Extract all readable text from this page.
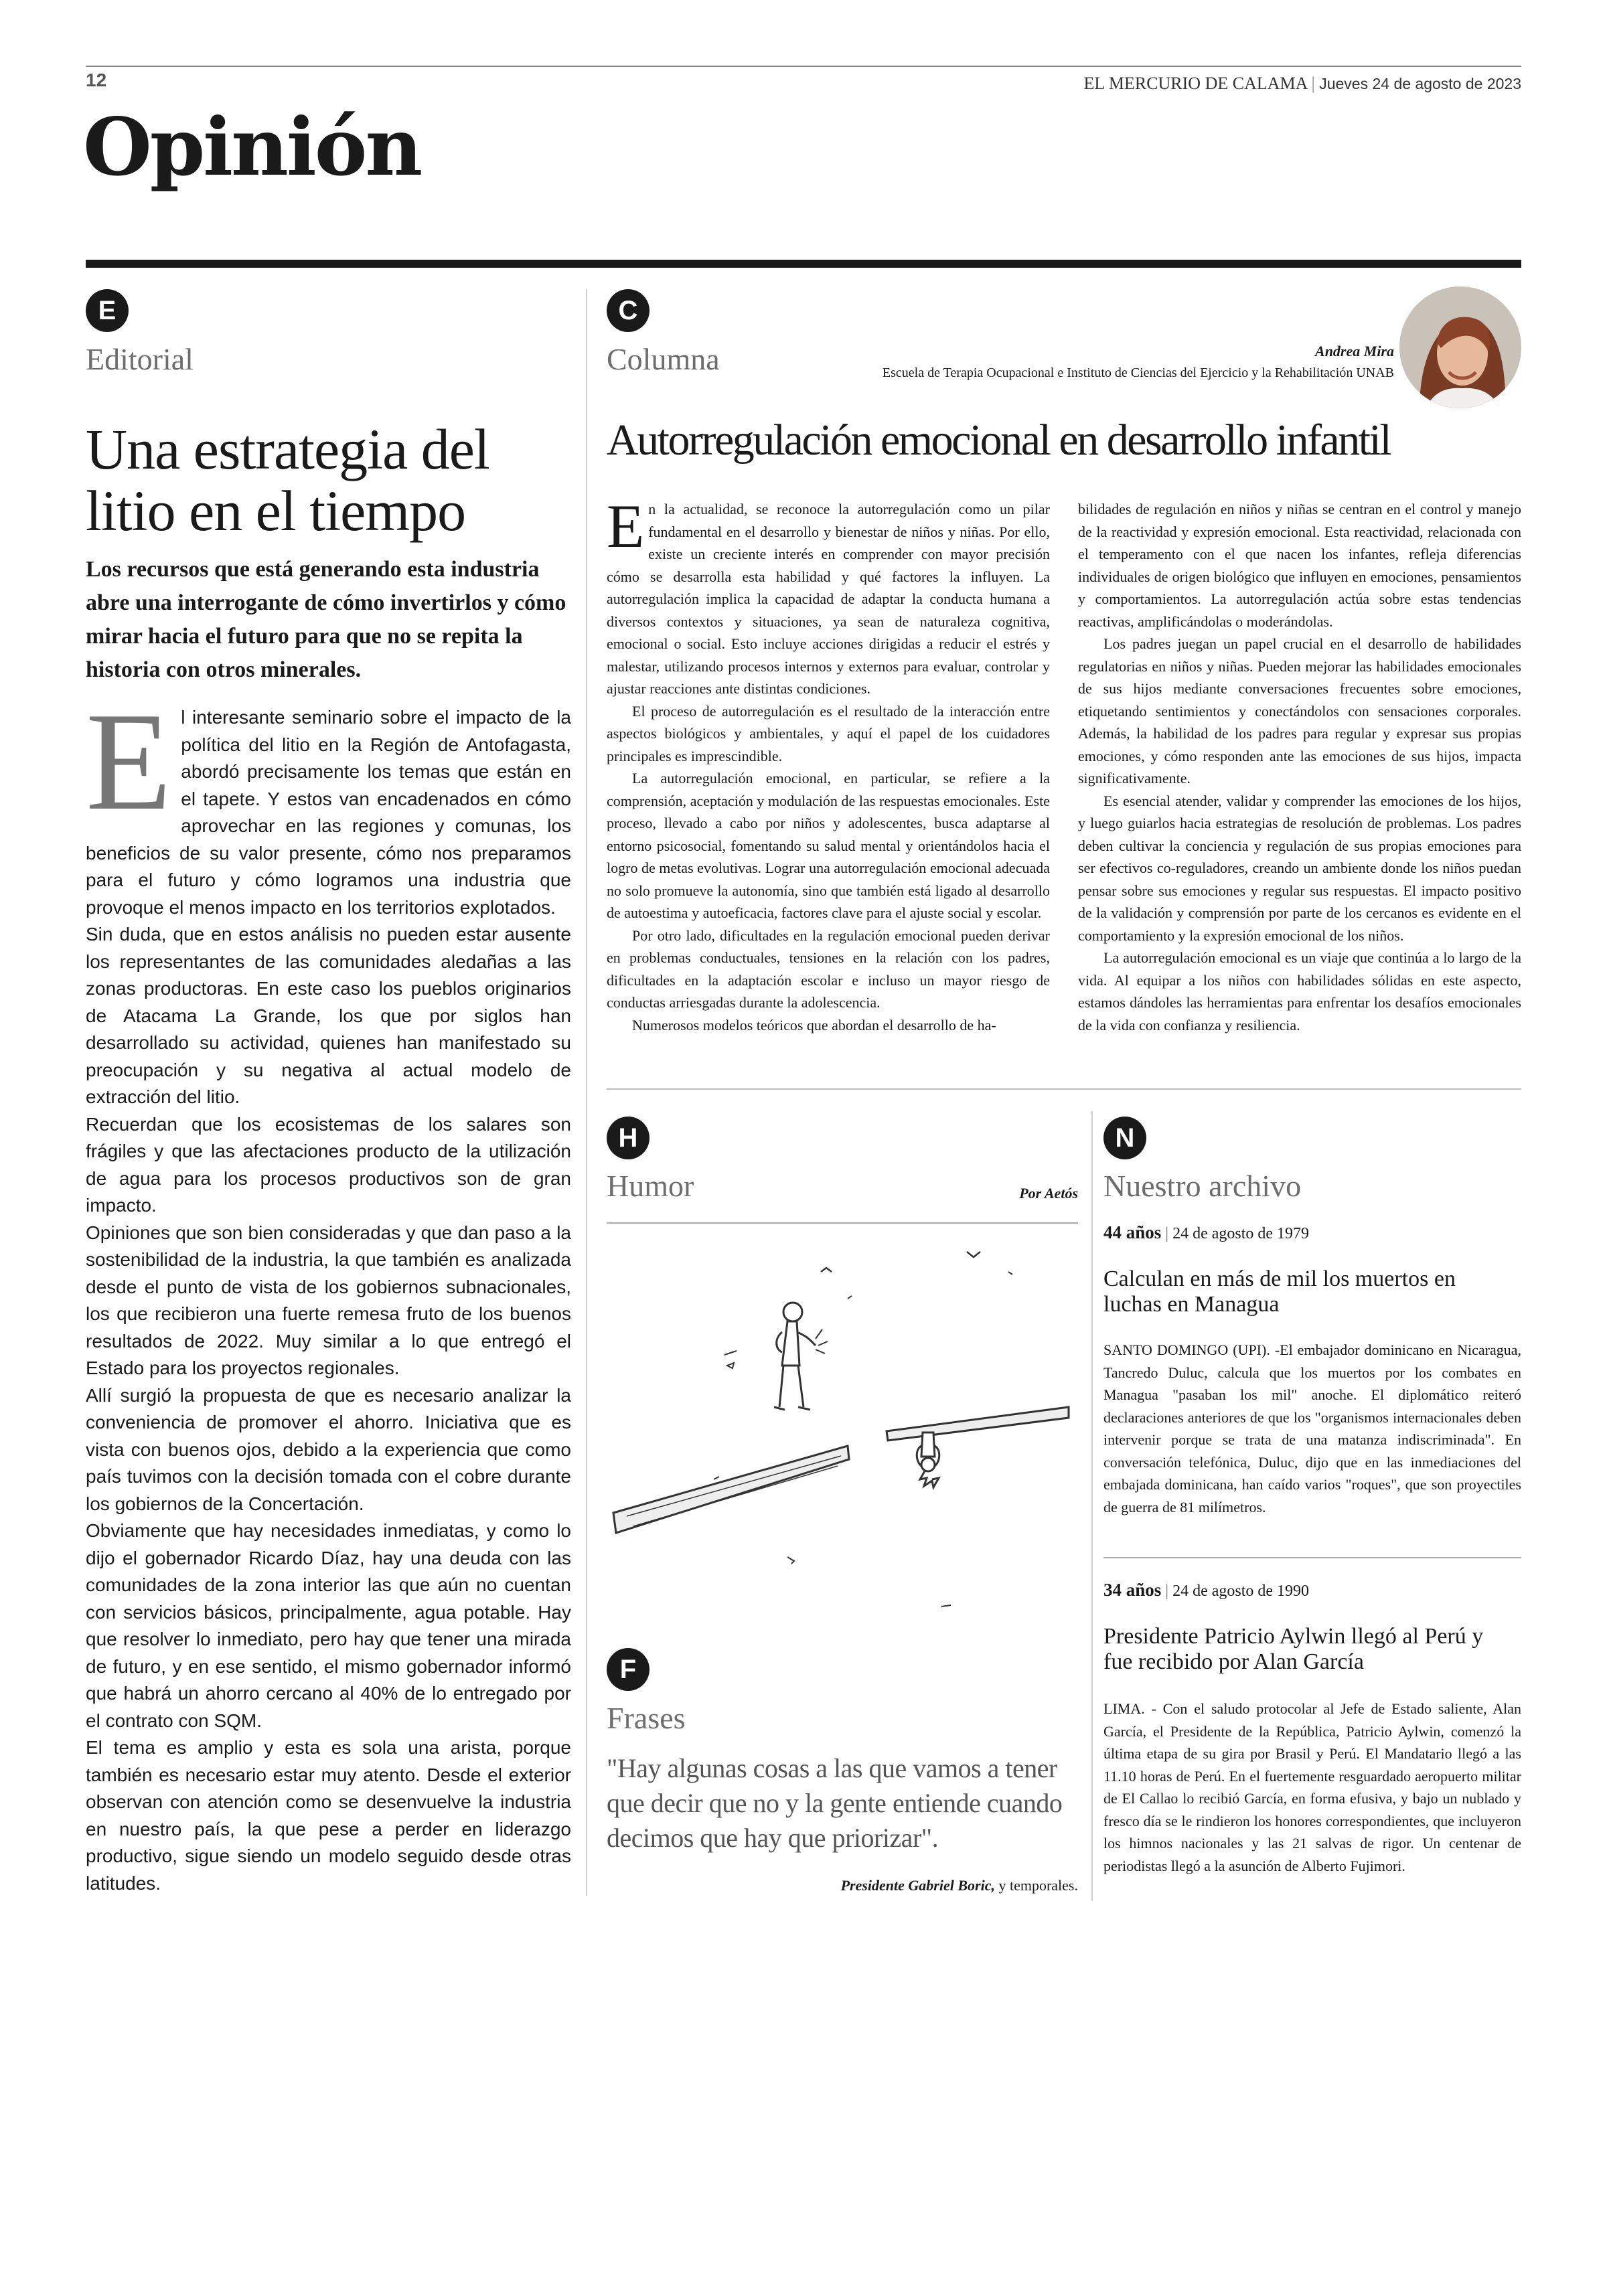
12	EL MERCURIO DE CALAMA | Jueves 24 de agosto de 2023
Opinión
E
Editorial
Una estrategia del
litio en el tiempo
Los recursos que está generando esta industria abre una interrogante de cómo invertirlos y cómo mirar hacia el futuro para que no se repita la historia con otros minerales.
E l interesante seminario sobre el impacto de la política del litio en la Región de Antofagasta, abordó precisamente los temas que están en el tapete. Y estos van encadenados en cómo aprovechar en las regiones y comunas, los beneficios de su valor presente, cómo nos preparamos para el futuro y cómo logramos una industria que provoque el menos impacto en los territorios explotados.

Sin duda, que en estos análisis no pueden estar ausente los representantes de las comunidades aledañas a las zonas productoras. En este caso los pueblos originarios de Atacama La Grande, los que por siglos han desarrollado su actividad, quienes han manifestado su preocupación y su negativa al actual modelo de extracción del litio.

Recuerdan que los ecosistemas de los salares son frágiles y que las afectaciones producto de la utilización de agua para los procesos productivos son de gran impacto.

Opiniones que son bien consideradas y que dan paso a la sostenibilidad de la industria, la que también es analizada desde el punto de vista de los gobiernos subnacionales, los que recibieron una fuerte remesa fruto de los buenos resultados de 2022. Muy similar a lo que entregó el Estado para los proyectos regionales.

Allí surgió la propuesta de que es necesario analizar la conveniencia de promover el ahorro. Iniciativa que es vista con buenos ojos, debido a la experiencia que como país tuvimos con la decisión tomada con el cobre durante los gobiernos de la Concertación.

Obviamente que hay necesidades inmediatas, y como lo dijo el gobernador Ricardo Díaz, hay una deuda con las comunidades de la zona interior las que aún no cuentan con servicios básicos, principalmente, agua potable. Hay que resolver lo inmediato, pero hay que tener una mirada de futuro, y en ese sentido, el mismo gobernador informó que habrá un ahorro cercano al 40% de lo entregado por el contrato con SQM.

El tema es amplio y esta es sola una arista, porque también es necesario estar muy atento. Desde el exterior observan con atención como se desenvuelve la industria en nuestro país, la que pese a perder en liderazgo productivo, sigue siendo un modelo seguido desde otras latitudes.

C
Columna	Andrea Mira
Escuela de Terapia Ocupacional e Instituto de Ciencias del Ejercicio y la Rehabilitación UNAB
Autorregulación emocional en desarrollo infantil
E n la actualidad, se reconoce la autorregulación como un pilar fundamental en el desarrollo y bienestar de niños y niñas. Por ello, existe un creciente interés en comprender con mayor precisión cómo se desarrolla esta habilidad y qué factores la influyen. La autorregulación implica la capacidad de adaptar la conducta humana a diversos contextos y situaciones, ya sean de naturaleza cognitiva, emocional o social. Esto incluye acciones dirigidas a reducir el estrés y malestar, utilizando procesos internos y externos para evaluar, controlar y ajustar reacciones ante distintas condiciones.

El proceso de autorregulación es el resultado de la interacción entre aspectos biológicos y ambientales, y aquí el papel de los cuidadores principales es imprescindible.

La autorregulación emocional, en particular, se refiere a la comprensión, aceptación y modulación de las respuestas emocionales. Este proceso, llevado a cabo por niños y adolescentes, busca adaptarse al entorno psicosocial, fomentando su salud mental y orientándolos hacia el logro de metas evolutivas. Lograr una autorregulación emocional adecuada no solo promueve la autonomía, sino que también está ligado al desarrollo de autoestima y autoeficacia, factores clave para el ajuste social y escolar.

Por otro lado, dificultades en la regulación emocional pueden derivar en problemas conductuales, tensiones en la relación con los padres, dificultades en la adaptación escolar e incluso un mayor riesgo de conductas arriesgadas durante la adolescencia.

Numerosos modelos teóricos que abordan el desarrollo de ha-

bilidades de regulación en niños y niñas se centran en el control y manejo de la reactividad y expresión emocional. Esta reactividad, relacionada con el temperamento con el que nacen los infantes, refleja diferencias individuales de origen biológico que influyen en emociones, pensamientos y comportamientos. La autorregulación actúa sobre estas tendencias reactivas, amplificándolas o moderándolas.

Los padres juegan un papel crucial en el desarrollo de habilidades regulatorias en niños y niñas. Pueden mejorar las habilidades emocionales de sus hijos mediante conversaciones frecuentes sobre emociones, etiquetando sentimientos y conectándolos con sensaciones corporales. Además, la habilidad de los padres para regular y expresar sus propias emociones, y cómo responden ante las emociones de sus hijos, impacta significativamente.

Es esencial atender, validar y comprender las emociones de los hijos, y luego guiarlos hacia estrategias de resolución de problemas. Los padres deben cultivar la conciencia y regulación de sus propias emociones para ser efectivos co-reguladores, creando un ambiente donde los niños puedan pensar sobre sus emociones y regular sus respuestas. El impacto positivo de la validación y comprensión por parte de los cercanos es evidente en el comportamiento y la expresión emocional de los niños.

La autorregulación emocional es un viaje que continúa a lo largo de la vida. Al equipar a los niños con habilidades sólidas en este aspecto, estamos dándoles las herramientas para enfrentar los desafíos emocionales de la vida con confianza y resiliencia.

H
Humor	Por Aetós
F
Frases
"Hay algunas cosas a las que vamos a tener que decir que no y la gente entiende cuando decimos que hay que priorizar".
Presidente Gabriel Boric, y temporales.
N
Nuestro archivo
44 años | 24 de agosto de 1979
Calculan en más de mil los muertos en luchas en Managua

SANTO DOMINGO (UPI). -El embajador dominicano en Nicaragua, Tancredo Duluc, calcula que los muertos por los combates en Managua "pasaban los mil" anoche. El diplomático reiteró declaraciones anteriores de que los "organismos internacionales deben intervenir porque se trata de una matanza indiscriminada". En conversación telefónica, Duluc, dijo que en las inmediaciones del embajada dominicana, han caído varios "roques", que son proyectiles de guerra de 81 milímetros.

34 años | 24 de agosto de 1990
Presidente Patricio Aylwin llegó al Perú y fue recibido por Alan García

LIMA. - Con el saludo protocolar al Jefe de Estado saliente, Alan García, el Presidente de la República, Patricio Aylwin, comenzó la última etapa de su gira por Brasil y Perú. El Mandatario llegó a las 11.10 horas de Perú. En el fuertemente resguardado aeropuerto militar de El Callao lo recibió García, en forma efusiva, y bajo un nublado y fresco día se le rindieron los honores correspondientes, que incluyeron los himnos nacionales y las 21 salvas de rigor. Un centenar de periodistas llegó a la asunción de Alberto Fujimori.
